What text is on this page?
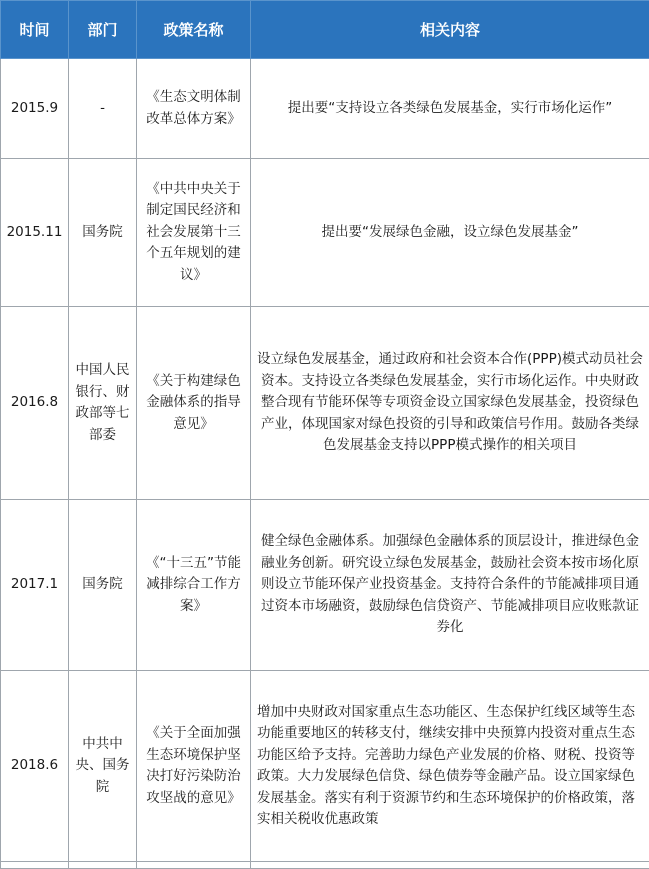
时间	部门	政策名称	相关内容
2015.9	-	《生态文明体制改革总体方案》	提出要“支持设立各类绿色发展基金，实行市场化运作”
2015.11	国务院	《中共中央关于制定国民经济和社会发展第十三个五年规划的建议》	提出要“发展绿色金融，设立绿色发展基金”
2016.8	中国人民银行、财政部等七部委	《关于构建绿色金融体系的指导意见》	设立绿色发展基金，通过政府和社会资本合作(PPP)模式动员社会资本。支持设立各类绿色发展基金，实行市场化运作。中央财政整合现有节能环保等专项资金设立国家绿色发展基金，投资绿色产业，体现国家对绿色投资的引导和政策信号作用。鼓励各类绿色发展基金支持以PPP模式操作的相关项目
2017.1	国务院	《“十三五”节能减排综合工作方案》	健全绿色金融体系。加强绿色金融体系的顶层设计，推进绿色金融业务创新。研究设立绿色发展基金，鼓励社会资本按市场化原则设立节能环保产业投资基金。支持符合条件的节能减排项目通过资本市场融资，鼓励绿色信贷资产、节能减排项目应收账款证券化
2018.6	中共中央、国务院	《关于全面加强生态环境保护坚决打好污染防治攻坚战的意见》	增加中央财政对国家重点生态功能区、生态保护红线区域等生态功能重要地区的转移支付，继续安排中央预算内投资对重点生态功能区给予支持。完善助力绿色产业发展的价格、财税、投资等政策。大力发展绿色信贷、绿色债券等金融产品。设立国家绿色发展基金。落实有利于资源节约和生态环境保护的价格政策，落实相关税收优惠政策
